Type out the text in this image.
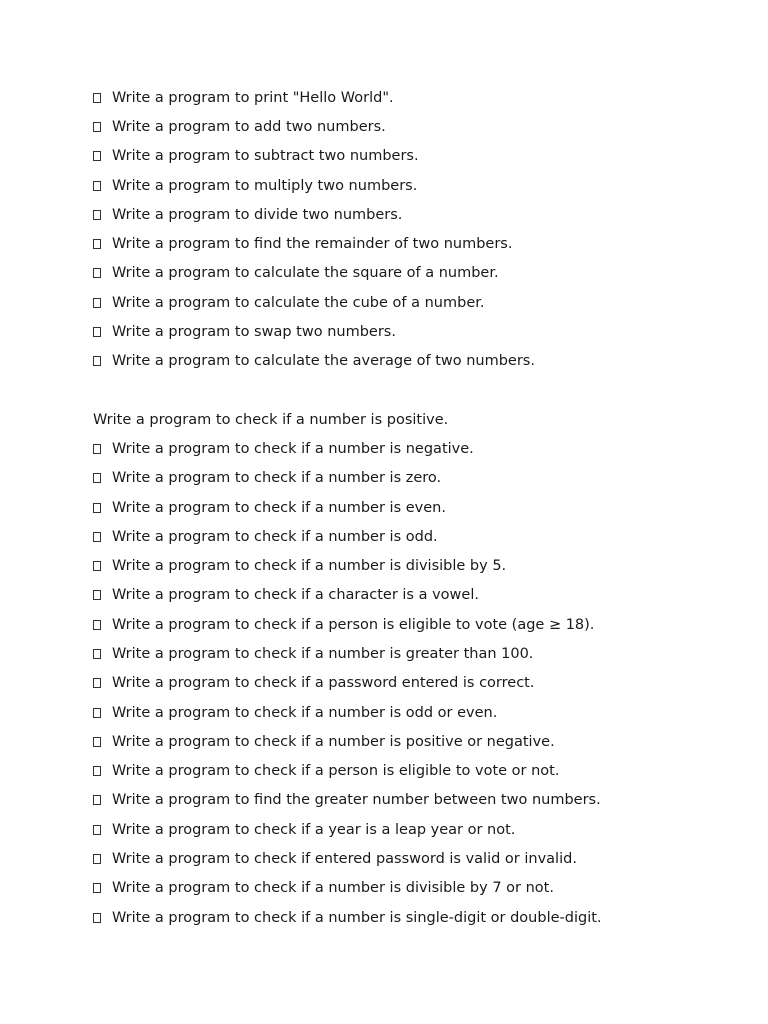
Write a program to print "Hello World".
Write a program to add two numbers.
Write a program to subtract two numbers.
Write a program to multiply two numbers.
Write a program to divide two numbers.
Write a program to find the remainder of two numbers.
Write a program to calculate the square of a number.
Write a program to calculate the cube of a number.
Write a program to swap two numbers.
Write a program to calculate the average of two numbers.
Write a program to check if a number is positive.
Write a program to check if a number is negative.
Write a program to check if a number is zero.
Write a program to check if a number is even.
Write a program to check if a number is odd.
Write a program to check if a number is divisible by 5.
Write a program to check if a character is a vowel.
Write a program to check if a person is eligible to vote (age ≥ 18).
Write a program to check if a number is greater than 100.
Write a program to check if a password entered is correct.
Write a program to check if a number is odd or even.
Write a program to check if a number is positive or negative.
Write a program to check if a person is eligible to vote or not.
Write a program to find the greater number between two numbers.
Write a program to check if a year is a leap year or not.
Write a program to check if entered password is valid or invalid.
Write a program to check if a number is divisible by 7 or not.
Write a program to check if a number is single-digit or double-digit.
